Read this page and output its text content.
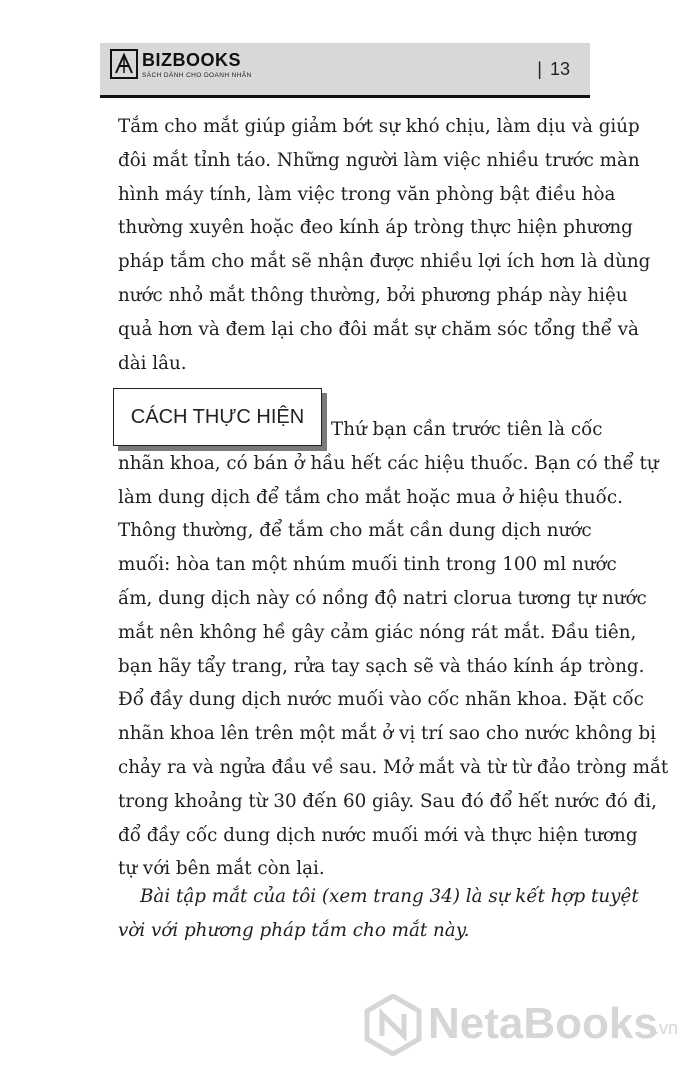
BIZBOOKS
SÁCH DÀNH CHO DOANH NHÂN	| 13
Tắm cho mắt giúp giảm bớt sự khó chịu, làm dịu và giúp
đôi mắt tỉnh táo. Những người làm việc nhiều trước màn
hình máy tính, làm việc trong văn phòng bật điều hòa
thường xuyên hoặc đeo kính áp tròng thực hiện phương
pháp tắm cho mắt sẽ nhận được nhiều lợi ích hơn là dùng
nước nhỏ mắt thông thường, bởi phương pháp này hiệu
quả hơn và đem lại cho đôi mắt sự chăm sóc tổng thể và
dài lâu.
CÁCH THỰC HIỆN
Thứ bạn cần trước tiên là cốc
nhãn khoa, có bán ở hầu hết các hiệu thuốc. Bạn có thể tự
làm dung dịch để tắm cho mắt hoặc mua ở hiệu thuốc.
Thông thường, để tắm cho mắt cần dung dịch nước
muối: hòa tan một nhúm muối tinh trong 100 ml nước
ấm, dung dịch này có nồng độ natri clorua tương tự nước
mắt nên không hề gây cảm giác nóng rát mắt. Đầu tiên,
bạn hãy tẩy trang, rửa tay sạch sẽ và tháo kính áp tròng.
Đổ đầy dung dịch nước muối vào cốc nhãn khoa. Đặt cốc
nhãn khoa lên trên một mắt ở vị trí sao cho nước không bị
chảy ra và ngửa đầu về sau. Mở mắt và từ từ đảo tròng mắt
trong khoảng từ 30 đến 60 giây. Sau đó đổ hết nước đó đi,
đổ đầy cốc dung dịch nước muối mới và thực hiện tương
tự với bên mắt còn lại.
Bài tập mắt của tôi (xem trang 34) là sự kết hợp tuyệt
vời với phương pháp tắm cho mắt này.
NetaBooks
.vn
